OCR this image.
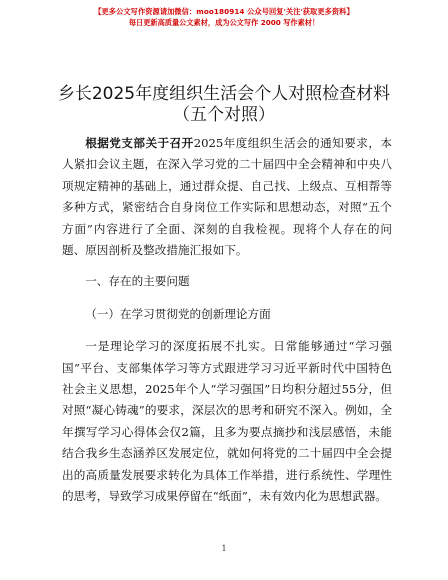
【更多公文写作资源请加微信：moo180914 公众号回复'关注'获取更多资料】
每日更新高质量公文素材，成为公文写作 2000 写作素材！
乡长2025年度组织生活会个人对照检查材料
（五个对照）

根据党支部关于召开2025年度组织生活会的通知要求，本人紧扣会议主题，在深入学习党的二十届四中全会精神和中央八项规定精神的基础上，通过群众提、自己找、上级点、互相帮等多种方式，紧密结合自身岗位工作实际和思想动态，对照“五个方面”内容进行了全面、深刻的自我检视。现将个人存在的问题、原因剖析及整改措施汇报如下。

一、存在的主要问题

（一）在学习贯彻党的创新理论方面

一是理论学习的深度拓展不扎实。日常能够通过“学习强国”平台、支部集体学习等方式跟进学习习近平新时代中国特色社会主义思想，2025年个人“学习强国”日均积分超过55分，但对照“凝心铸魂”的要求，深层次的思考和研究不深入。例如，全年撰写学习心得体会仅2篇，且多为要点摘抄和浅层感悟，未能结合我乡生态涵养区发展定位，就如何将党的二十届四中全会提出的高质量发展要求转化为具体工作举措，进行系统性、学理性的思考，导致学习成果停留在“纸面”，未有效内化为思想武器。

1
